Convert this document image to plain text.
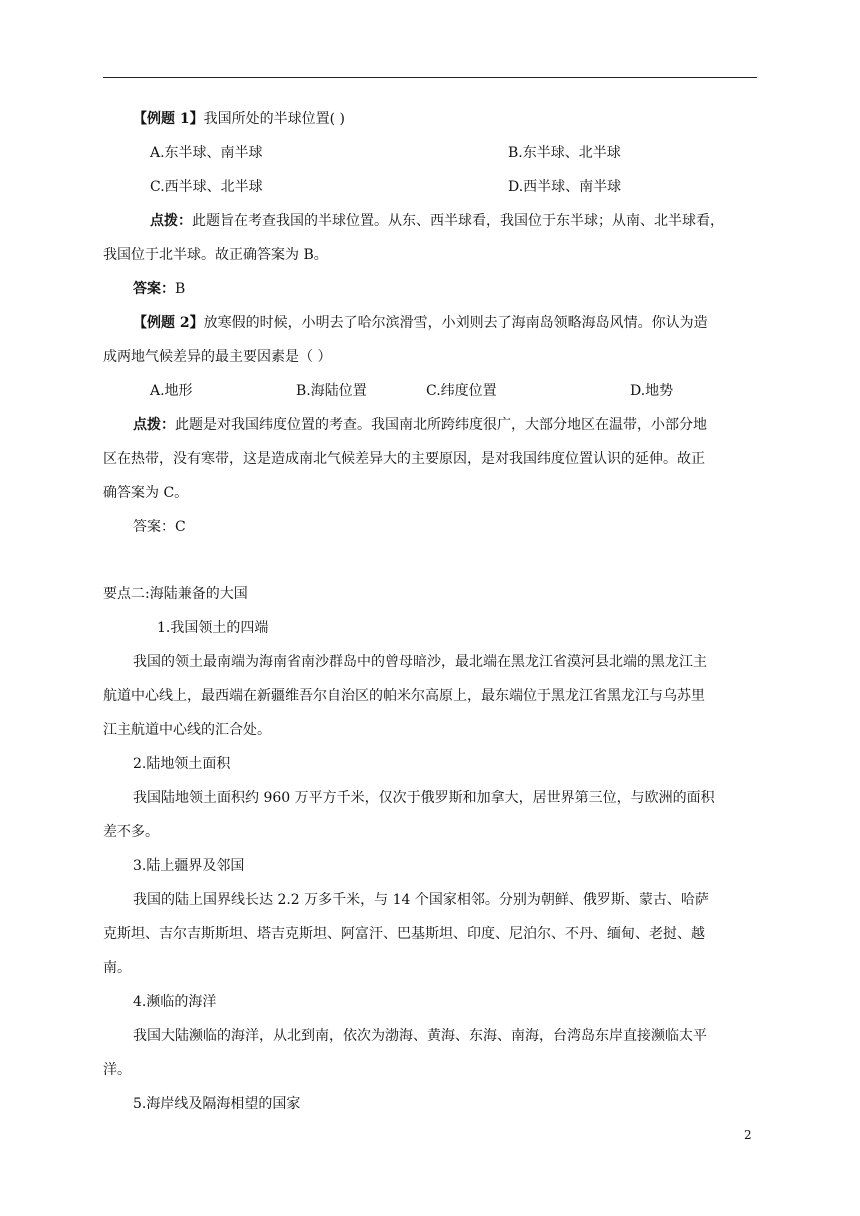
【例题 1】我国所处的半球位置( )
A.东半球、南半球	B.东半球、北半球
C.西半球、北半球	D.西半球、南半球
点拨：此题旨在考查我国的半球位置。从东、西半球看，我国位于东半球；从南、北半球看，
我国位于北半球。故正确答案为 B。
答案：B
【例题 2】放寒假的时候，小明去了哈尔滨滑雪，小刘则去了海南岛领略海岛风情。你认为造
成两地气候差异的最主要因素是（ ）
A.地形	B.海陆位置	C.纬度位置	D.地势
点拨：此题是对我国纬度位置的考查。我国南北所跨纬度很广，大部分地区在温带，小部分地
区在热带，没有寒带，这是造成南北气候差异大的主要原因，是对我国纬度位置认识的延伸。故正
确答案为 C。
答案：C
要点二:海陆兼备的大国
1.我国领土的四端
我国的领土最南端为海南省南沙群岛中的曾母暗沙，最北端在黑龙江省漠河县北端的黑龙江主
航道中心线上，最西端在新疆维吾尔自治区的帕米尔高原上，最东端位于黑龙江省黑龙江与乌苏里
江主航道中心线的汇合处。
2.陆地领土面积
我国陆地领土面积约 960 万平方千米，仅次于俄罗斯和加拿大，居世界第三位，与欧洲的面积
差不多。
3.陆上疆界及邻国
我国的陆上国界线长达 2.2 万多千米，与 14 个国家相邻。分别为朝鲜、俄罗斯、蒙古、哈萨
克斯坦、吉尔吉斯斯坦、塔吉克斯坦、阿富汗、巴基斯坦、印度、尼泊尔、不丹、缅甸、老挝、越
南。
4.濒临的海洋
我国大陆濒临的海洋，从北到南，依次为渤海、黄海、东海、南海，台湾岛东岸直接濒临太平
洋。
5.海岸线及隔海相望的国家
2
